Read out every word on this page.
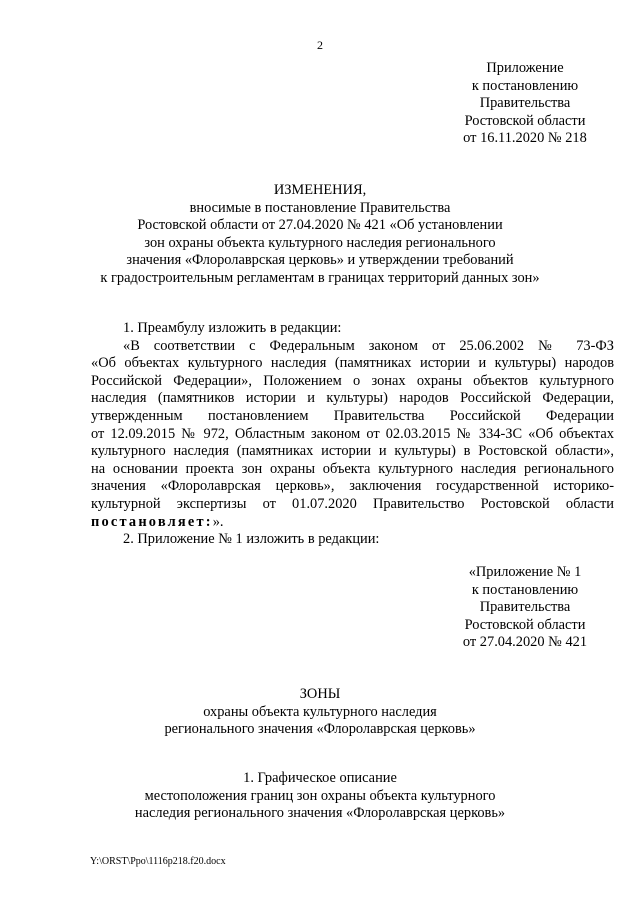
2
Приложение
к постановлению
Правительства
Ростовской области
от 16.11.2020 № 218
ИЗМЕНЕНИЯ,
вносимые в постановление Правительства
Ростовской области от 27.04.2020 № 421 «Об установлении
зон охраны объекта культурного наследия регионального
значения «Флоролаврская церковь» и утверждении требований
к градостроительным регламентам в границах территорий данных зон»
1. Преамбулу изложить в редакции:
«В соответствии с Федеральным законом от 25.06.2002 № 73-ФЗ
«Об объектах культурного наследия (памятниках истории и культуры) народов
Российской Федерации», Положением о зонах охраны объектов культурного
наследия (памятников истории и культуры) народов Российской Федерации,
утвержденным постановлением Правительства Российской Федерации
от 12.09.2015 № 972, Областным законом от 02.03.2015 № 334-ЗС «Об объектах
культурного наследия (памятниках истории и культуры) в Ростовской области»,
на основании проекта зон охраны объекта культурного наследия регионального
значения «Флоролаврская церковь», заключения государственной историко-
культурной экспертизы от 01.07.2020 Правительство Ростовской области
постановляет:».
2. Приложение № 1 изложить в редакции:
«Приложение № 1
к постановлению
Правительства
Ростовской области
от 27.04.2020 № 421
ЗОНЫ
охраны объекта культурного наследия
регионального значения «Флоролаврская церковь»
1. Графическое описание
местоположения границ зон охраны объекта культурного
наследия регионального значения «Флоролаврская церковь»
Y:\ORST\Ppo\1116p218.f20.docx
